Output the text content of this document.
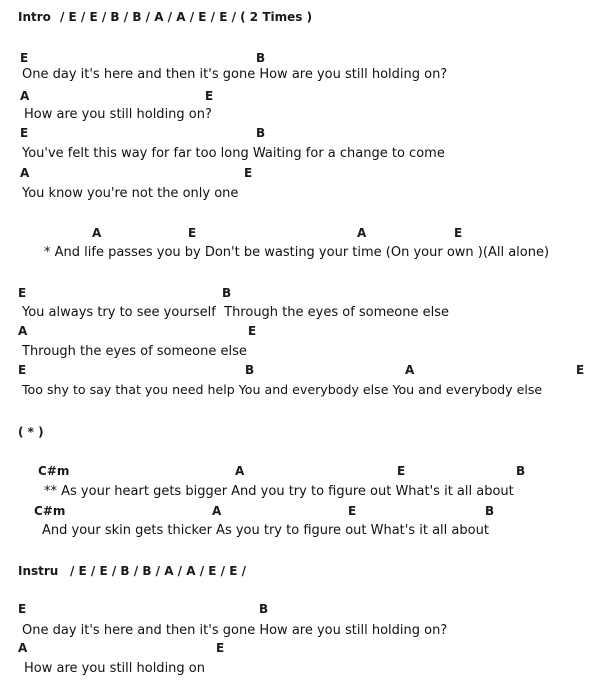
Intro / E / E / B / B / A / A / E / E / ( 2 Times )
E	B
One day it's here and then it's gone How are you still holding on?
A	E
How are you still holding on?
E	B
You've felt this way for far too long Waiting for a change to come
A	E
You know you're not the only one
A	E	A	E
* And life passes you by Don't be wasting your time (On your own )(All alone)
E	B
You always try to see yourself  Through the eyes of someone else
A	E
Through the eyes of someone else
E	B	A	E
Too shy to say that you need help You and everybody else You and everybody else
( * )
C#m	A	E	B
** As your heart gets bigger And you try to figure out What's it all about
C#m	A	E	B
And your skin gets thicker As you try to figure out What's it all about
Instru / E / E / B / B / A / A / E / E /
E	B
One day it's here and then it's gone How are you still holding on?
A	E
How are you still holding on
